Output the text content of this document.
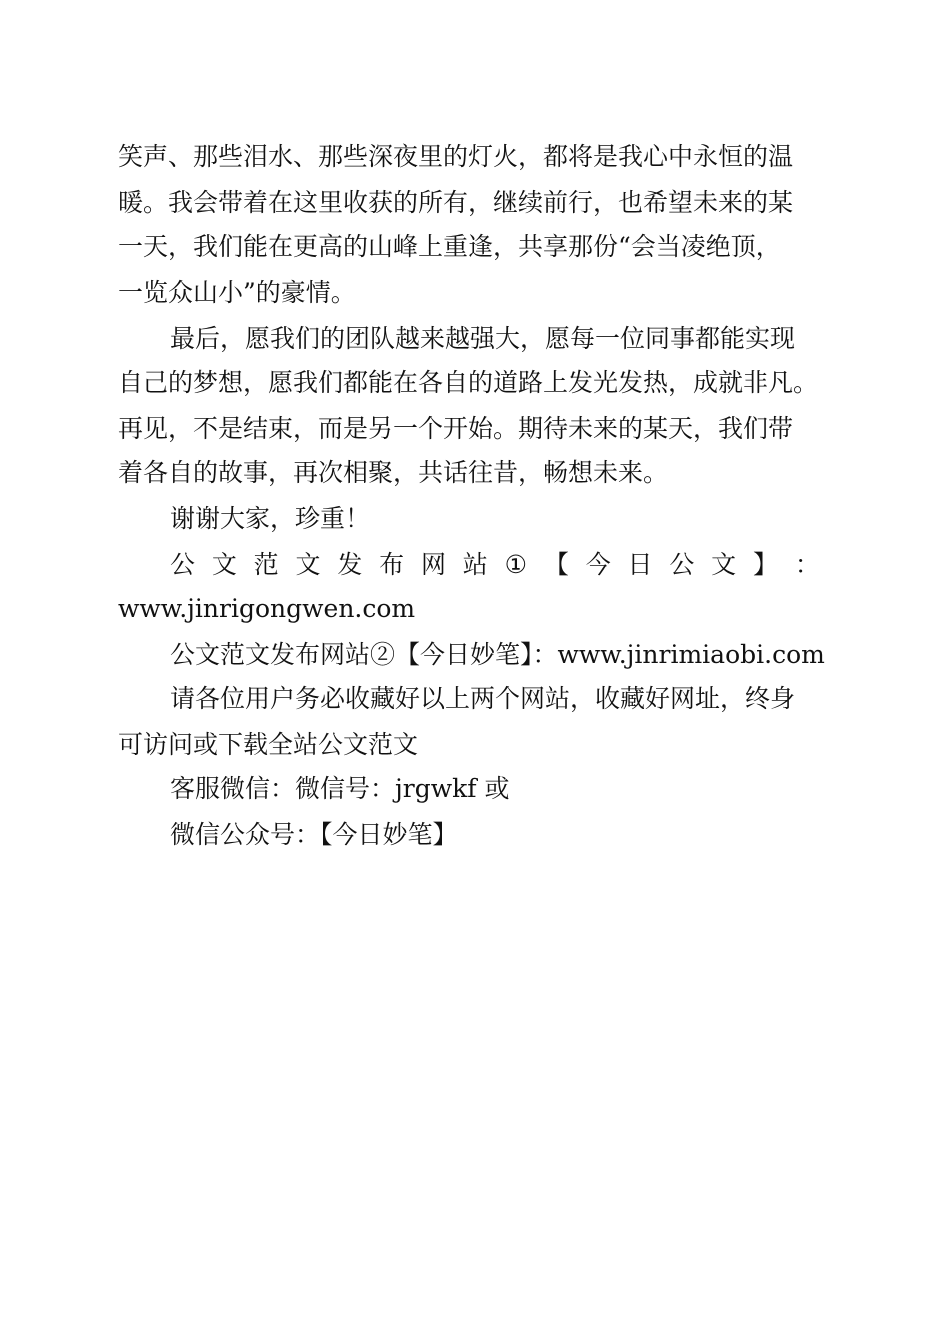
笑声、那些泪水、那些深夜里的灯火，都将是我心中永恒的温
暖。我会带着在这里收获的所有，继续前行，也希望未来的某
一天，我们能在更高的山峰上重逢，共享那份“会当凌绝顶，
一览众山小”的豪情。
最后，愿我们的团队越来越强大，愿每一位同事都能实现
自己的梦想，愿我们都能在各自的道路上发光发热，成就非凡。
再见，不是结束，而是另一个开始。期待未来的某天，我们带
着各自的故事，再次相聚，共话往昔，畅想未来。
谢谢大家，珍重！
公 文 范 文 发 布 网 站 ① 【 今 日 公 文 】 ：
www.jinrigongwen.com
公文范文发布网站②【今日妙笔】：www.jinrimiaobi.com
请各位用户务必收藏好以上两个网站，收藏好网址，终身
可访问或下载全站公文范文
客服微信：微信号：jrgwkf 或
微信公众号：【今日妙笔】
